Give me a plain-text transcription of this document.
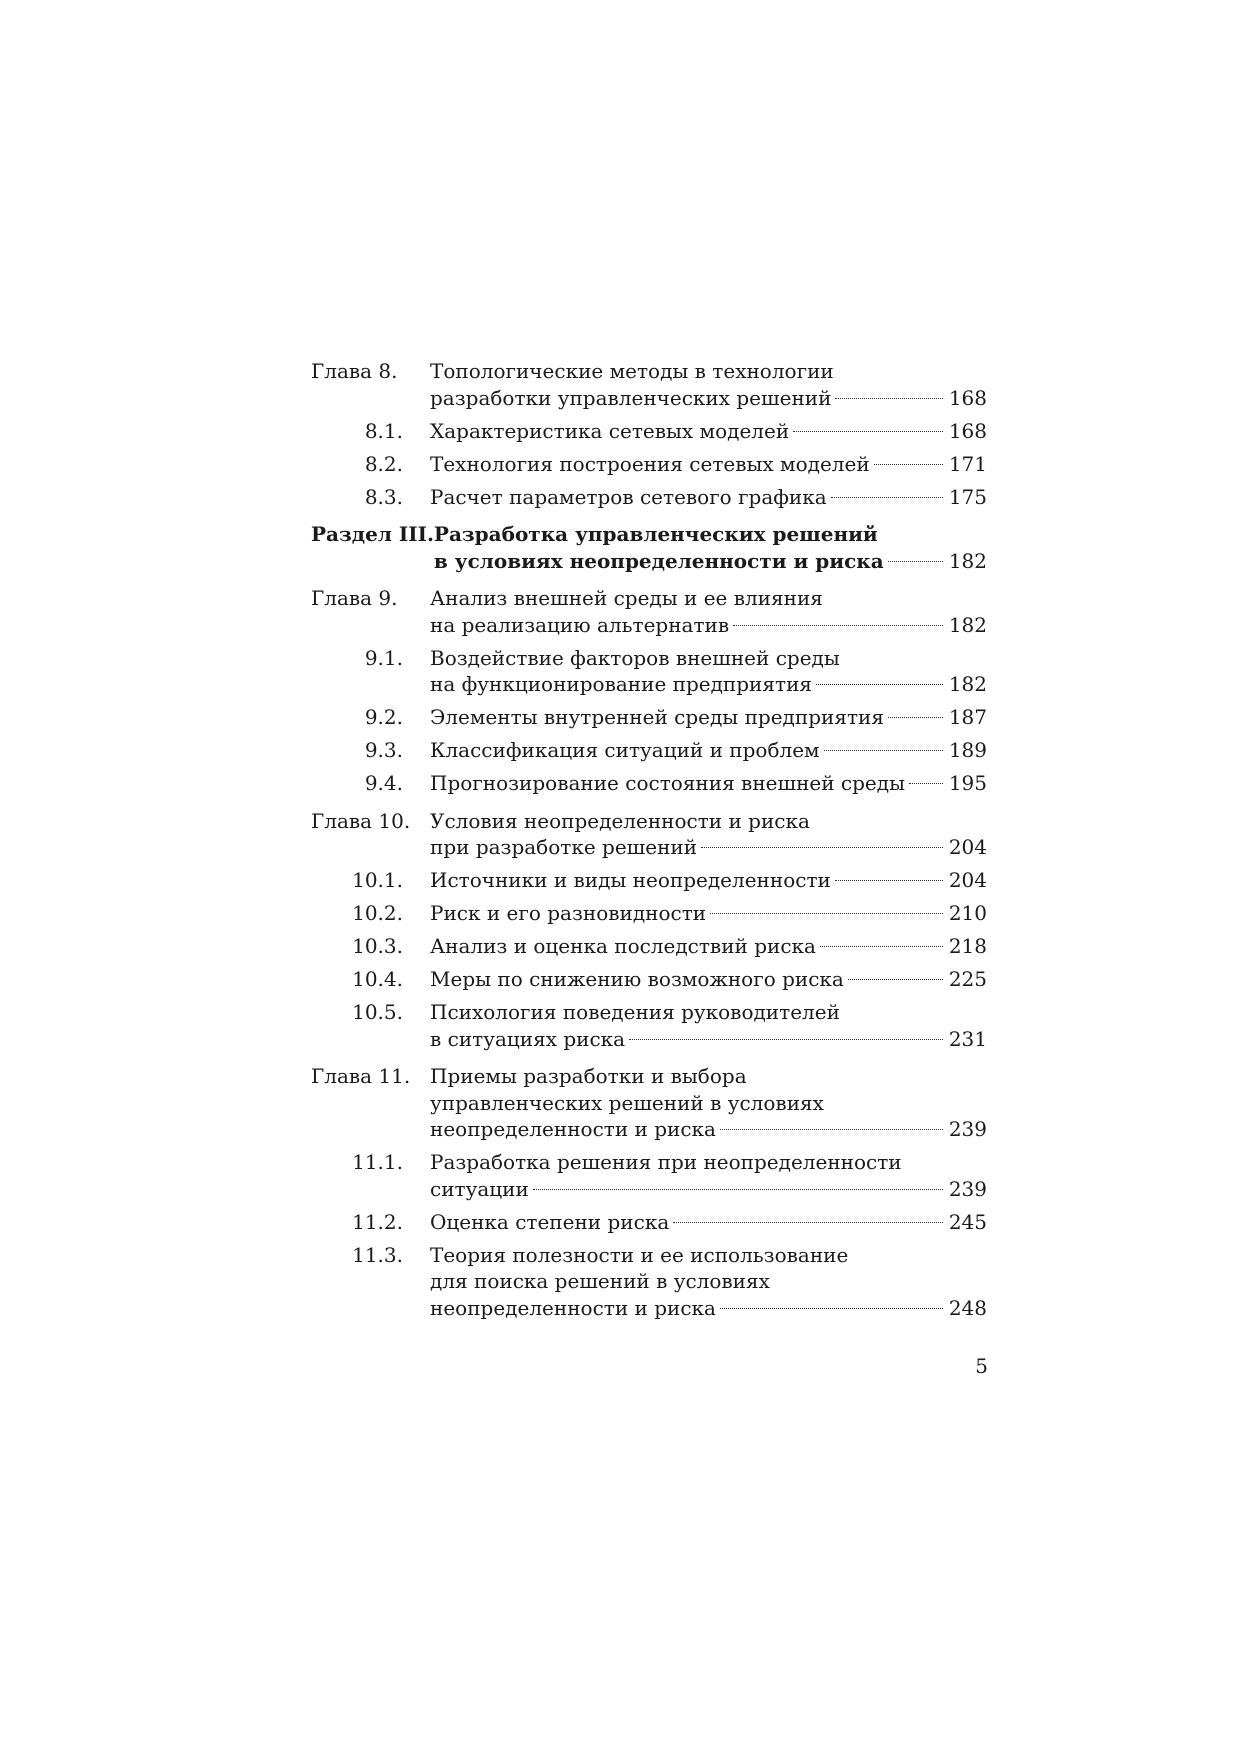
Глава 8.	Топологические методы в технологии
разработки управленческих решений	168
8.1.	Характеристика сетевых моделей	168
8.2.	Технология построения сетевых моделей	171
8.3.	Расчет параметров сетевого графика	175
Раздел III. Разработка управленческих решений
в условиях неопределенности и риска	182
Глава 9.	Анализ внешней среды и ее влияния
на реализацию альтернатив	182
9.1.	Воздействие факторов внешней среды
на функционирование предприятия	182
9.2.	Элементы внутренней среды предприятия	187
9.3.	Классификация ситуаций и проблем	189
9.4.	Прогнозирование состояния внешней среды 195
Глава 10. Условия неопределенности и риска
при разработке решений	204
10.1.	Источники и виды неопределенности	204
10.2.	Риск и его разновидности	210
10.3.	Анализ и оценка последствий риска	218
10.4.	Меры по снижению возможного риска	225
10.5.	Психология поведения руководителей
в ситуациях риска	231
Глава 11. Приемы разработки и выбора
управленческих решений в условиях
неопределенности и риска	239
11.1.	Разработка решения при неопределенности
ситуации	239
11.2.	Оценка степени риска	245
11.3.	Теория полезности и ее использование
для поиска решений в условиях
неопределенности и риска	248
5
